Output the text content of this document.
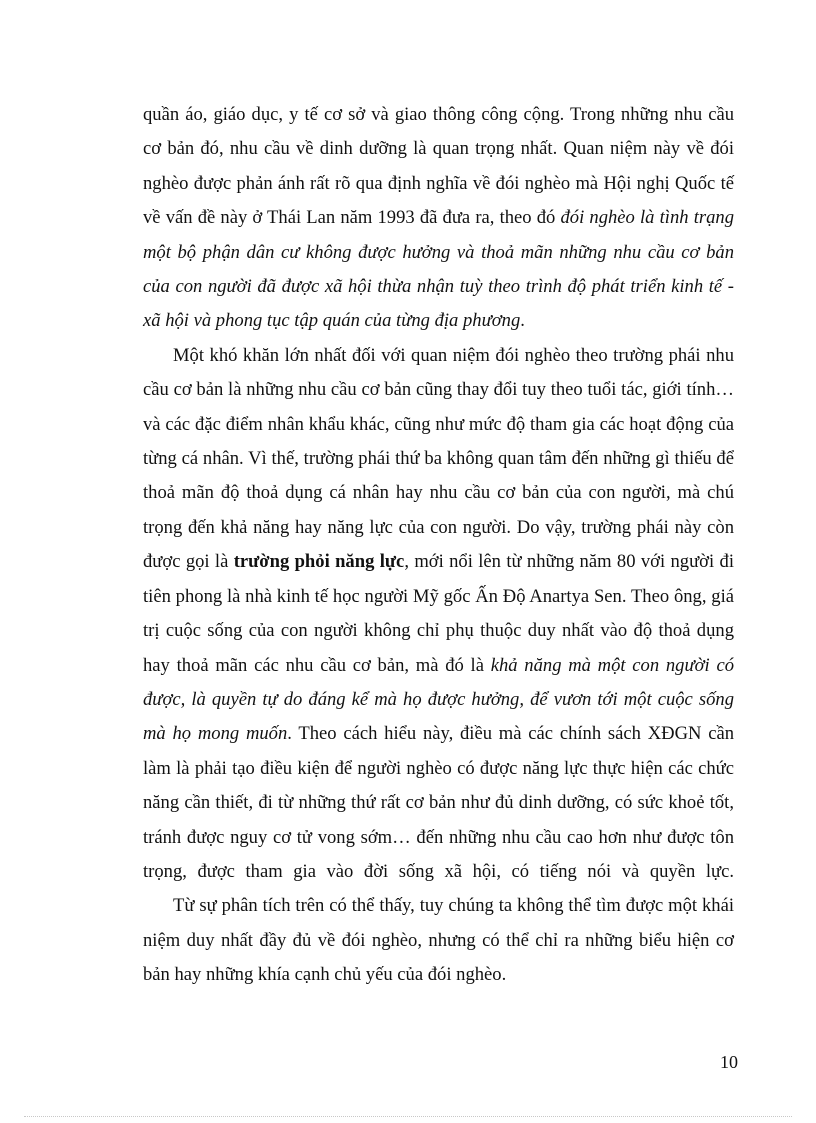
quần áo, giáo dục, y tế cơ sở và giao thông công cộng. Trong những nhu cầu cơ bản đó, nhu cầu về dinh dưỡng là quan trọng nhất. Quan niệm này về đói nghèo được phản ánh rất rõ qua định nghĩa về đói nghèo mà Hội nghị Quốc tế về vấn đề này ở Thái Lan năm 1993 đã đưa ra, theo đó đói nghèo là tình trạng một bộ phận dân cư không được hưởng và thoả mãn những nhu cầu cơ bản của con người đã được xã hội thừa nhận tuỳ theo trình độ phát triển kinh tế - xã hội và phong tục tập quán của từng địa phương.

Một khó khăn lớn nhất đối với quan niệm đói nghèo theo trường phái nhu cầu cơ bản là những nhu cầu cơ bản cũng thay đổi tuy theo tuổi tác, giới tính… và các đặc điểm nhân khẩu khác, cũng như mức độ tham gia các hoạt động của từng cá nhân. Vì thế, trường phái thứ ba không quan tâm đến những gì thiếu để thoả mãn độ thoả dụng cá nhân hay nhu cầu cơ bản của con người, mà chú trọng đến khả năng hay năng lực của con người. Do vậy, trường phái này còn được gọi là trường phỏi năng lực, mới nổi lên từ những năm 80 với người đi tiên phong là nhà kinh tế học người Mỹ gốc Ấn Độ Anartya Sen. Theo ông, giá trị cuộc sống của con người không chỉ phụ thuộc duy nhất vào độ thoả dụng hay thoả mãn các nhu cầu cơ bản, mà đó là khả năng mà một con người có được, là quyền tự do đáng kể mà họ được hưởng, để vươn tới một cuộc sống mà họ mong muốn. Theo cách hiểu này, điều mà các chính sách XĐGN cần làm là phải tạo điều kiện để người nghèo có được năng lực thực hiện các chức năng cần thiết, đi từ những thứ rất cơ bản như đủ dinh dưỡng, có sức khoẻ tốt, tránh được nguy cơ tử vong sớm… đến những nhu cầu cao hơn như được tôn trọng, được tham gia vào đời sống xã hội, có tiếng nói và quyền lực.

Từ sự phân tích trên có thể thấy, tuy chúng ta không thể tìm được một khái niệm duy nhất đầy đủ về đói nghèo, nhưng có thể chỉ ra những biểu hiện cơ bản hay những khía cạnh chủ yếu của đói nghèo.

10
